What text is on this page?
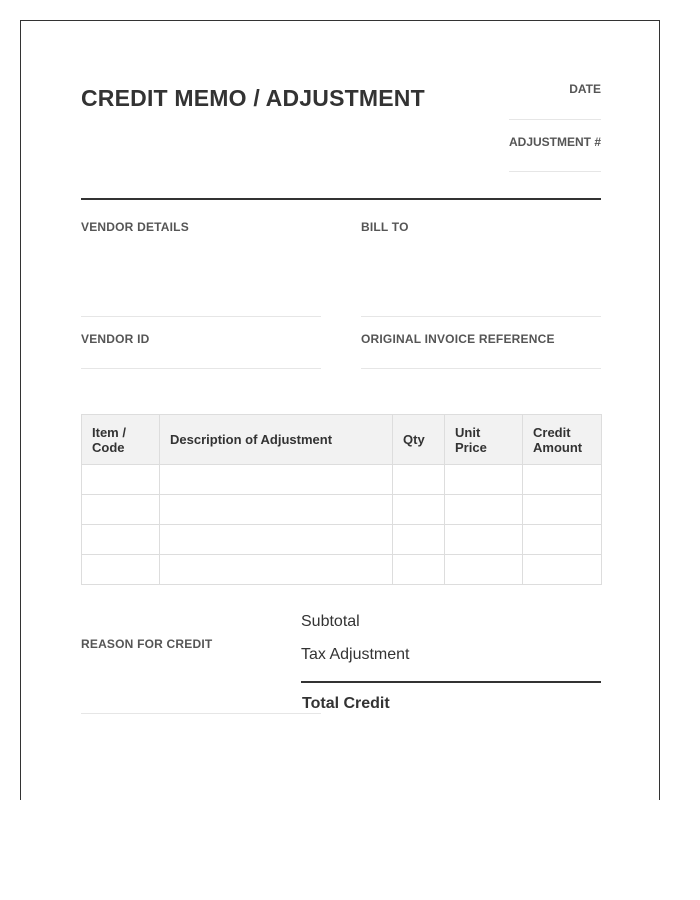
CREDIT MEMO / ADJUSTMENT	DATE
ADJUSTMENT #
VENDOR DETAILS	BILL TO
VENDOR ID	ORIGINAL INVOICE REFERENCE
Item / Code	Description of Adjustment	Qty	Unit Price	Credit Amount

REASON FOR CREDIT
Subtotal
Tax Adjustment
Total Credit
